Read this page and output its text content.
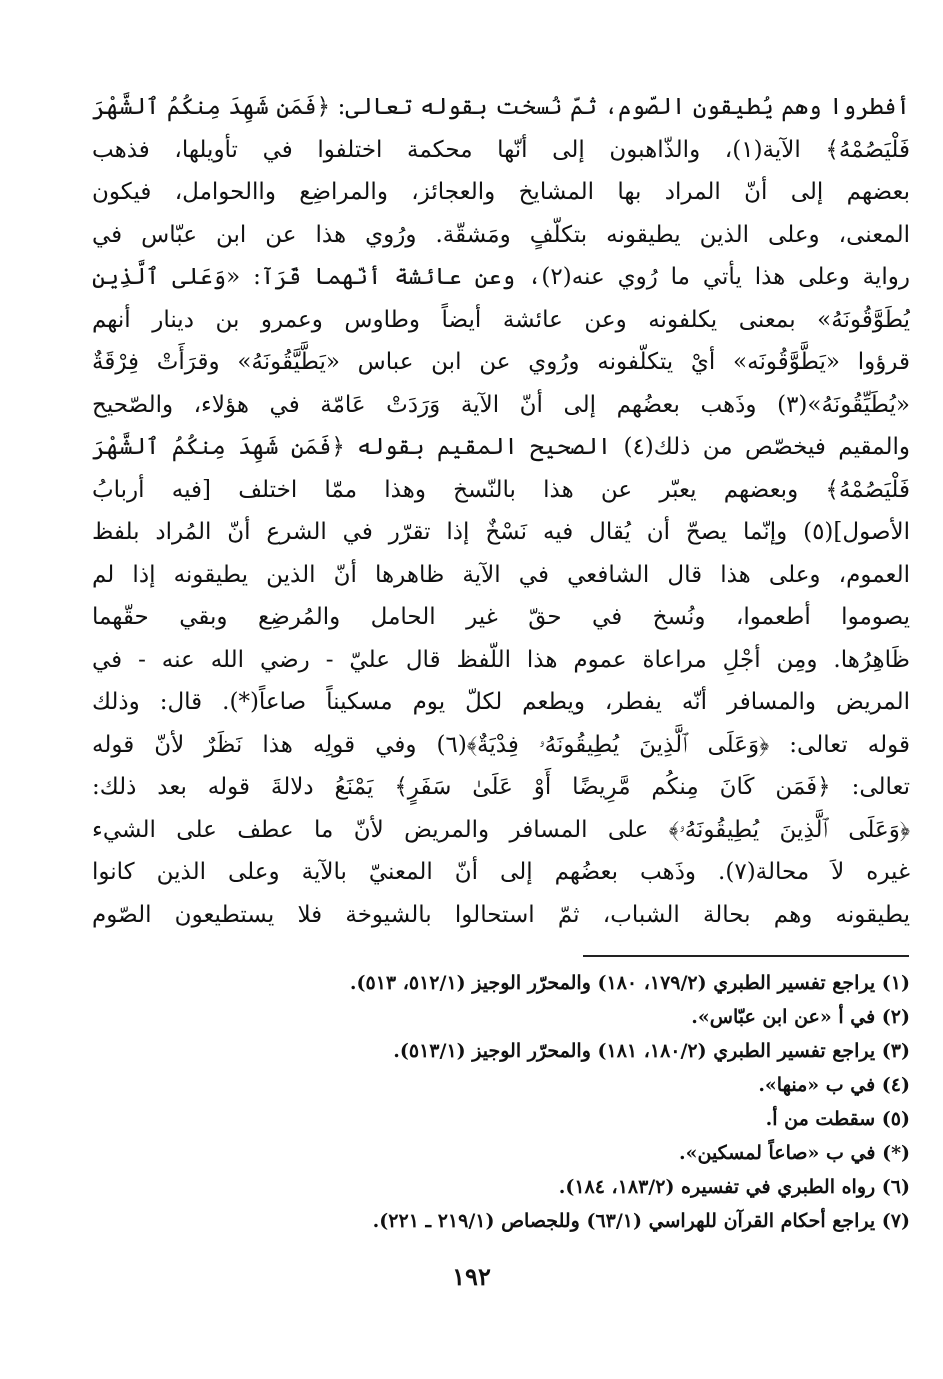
أفطروا وهم يُطيقون الصّوم، ثمّ نُسخت بقوله تعالى: ﴿فَمَن شَهِدَ مِنكُمُ ٱلشَّهْرَ
فَلْيَصُمْهُ﴾ الآية(١)، والذّاهبون إلى أنّها محكمة اختلفوا في تأويلها، فذهب
بعضهم إلى أنّ المراد بها المشايخ والعجائز، والمراضِع واالحوامل، فيكون
المعنى، وعلى الذين يطيقونه بتكلّفٍ ومَشقّة. ورُوي هذا عن ابن عبّاس في
رواية وعلى هذا يأتي ما رُوي عنه(٢)، وعن عائشة أنّهما قَرَآ: «وَعَلى ٱلَّذِين
يُطَوَّقُونَهُ» بمعنى يكلفونه وعن عائشة أيضاً وطاوس وعمرو بن دينار أنهم
قرؤوا «يَطَّوَّقُونَه» أيْ يتكلّفونه ورُوي عن ابن عباس «يَطَّيَّقُونَهُ» وقرَأَتْ فِرْقَةٌ
«يُطَيِّقُونَهُ»(٣) وذَهب بعضُهم إلى أنّ الآية وَرَدَتْ عَامّة في هؤلاء، والصّحيح
والمقيم فيخصّص من ذلك(٤) الصحيح المقيم بقوله ﴿فَمَن شَهِدَ مِنكُمُ ٱلشَّهْرَ
فَلْيَصُمْهُ﴾ وبعضهم يعبّر عن هذا بالنّسخ وهذا ممّا اختلف [فيه أربابُ
الأصول](٥) وإنّما يصحّ أن يُقال فيه نَسْخٌ إذا تقرّر في الشرع أنّ المُراد بلفظ
العموم، وعلى هذا قال الشافعي في الآية ظاهرها أنّ الذين يطيقونه إذا لم
يصوموا أطعموا، ونُسخ في حقّ غير الحامل والمُرضِع وبقي حقّهما
ظَاهِرُها. ومِن أجْلِ مراعاة عموم هذا اللّفظ قال عليّ - رضي الله عنه - في
المريض والمسافر أنّه يفطر، ويطعم لكلّ يوم مسكيناً صاعاً(*). قال: وذلك
قوله تعالى: ﴿وَعَلَى ٱلَّذِينَ يُطِيقُونَهُۥ فِدْيَةٌ﴾(٦) وفي قولِه هذا نَظَرٌ لأنّ قوله
تعالى: ﴿فَمَن كَانَ مِنكُم مَّرِيضًا أَوْ عَلَىٰ سَفَرٍ﴾ يَمْنَعُ دلالةَ قوله بعد ذلك:
﴿وَعَلَى ٱلَّذِينَ يُطِيقُونَهُۥ﴾ على المسافر والمريض لأنّ ما عطف على الشيء
غيره لاَ محالة(٧). وذَهب بعضُهم إلى أنّ المعنيّ بالآية وعلى الذين كانوا
يطيقونه وهم بحالة الشباب، ثمّ استحالوا بالشيوخة فلا يستطيعون الصّوم
(١) يراجع تفسير الطبري (١٧٩/٢، ١٨٠) والمحرّر الوجيز (٥١٢/١، ٥١٣).
(٢) في أ «عن ابن عبّاس».
(٣) يراجع تفسير الطبري (١٨٠/٢، ١٨١) والمحرّر الوجيز (٥١٣/١).
(٤) في ب «منها».
(٥) سقطت من أ.
(*) في ب «صاعاً لمسكين».
(٦) رواه الطبري في تفسيره (١٨٣/٢، ١٨٤).
(٧) يراجع أحكام القرآن للهراسي (٦٣/١) وللجصاص (٢١٩/١ ـ ٢٢١).
١٩٢
